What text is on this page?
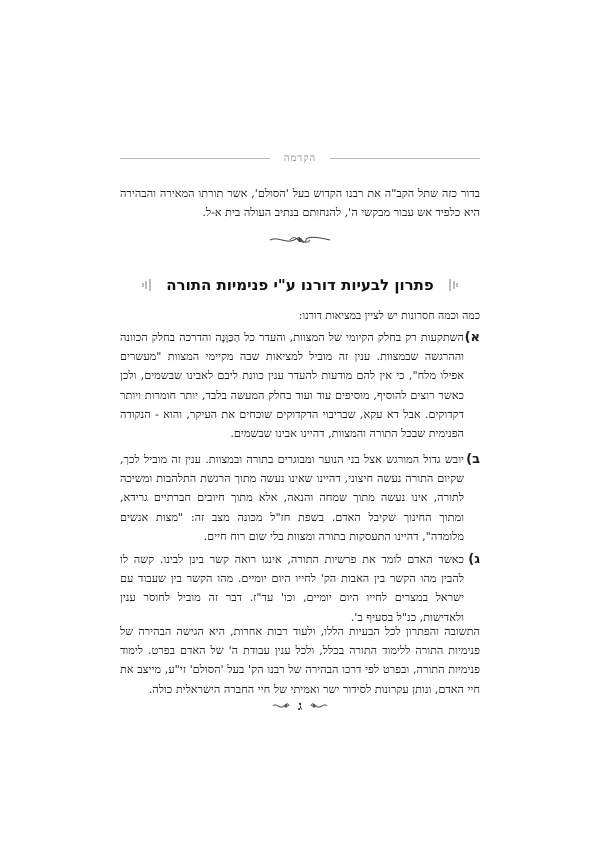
הקדמה

בדור כזה שתל הקב"ה את רבנו הקדוש בעל 'הסולם', אשר תורתו המאירה והבהירה היא כלפיד אש עבור מבקשי ה', להנחותם בנתיב העולה בית א-ל.

פתרון לבעיות דורנו ע"י פנימיות התורה

כמה וכמה חסרונות יש לציין במציאות דורנו:

א)
השתקעות רק בחלק הקיומי של המצוות, והעדר כל הַכַּוָּנָה והדרכה בחלק הכוונה וההרגשה שבמצוות. ענין זה מוביל למציאות שבה מקיימי המצוות "מעשרים אפילו מלח", כי אין להם מודעות להעדר ענין כוונת ליבם לאבינו שבשמים, ולכן כאשר רוצים להוסיף, מוסיפים עוד ועוד בחלק המעשה בלבד, יותר חומרות ויותר דקדוקים. אבל דא עקא, שבריבוי הדקדוקים שוכחים את העיקר, והוא - הנקודה הפנימית שבכל התורה והמצוות, דהיינו אבינו שבשמים.
ב)
יובש גדול המורגש אצל בני הנוער ומבוגרים בתורה ובמצוות. ענין זה מוביל לכך, שקיום התורה נעשה חיצוני, דהיינו שאינו נעשה מתוך הרגשת התלהבות ומשיכה לתורה, אינו נעשה מתוך שמחה והנאה, אלא מתוך חיובים חברתיים גרידא, ומתוך החינוך שקיבל האדם. בשפת חז"ל מכונה מצב זה: "מצות אנשים מלומדה", דהיינו התעסקות בתורה ומצוות בלי שום רוח חיים.
ג)
כאשר האדם לומד את פרשיות התורה, אינגו רואה קשר בינן לבינו. קשה לו להבין מהו הקשר בין האבות הק' לחייו היום יומיים. מהו הקשר בין שעבוד עם ישראל במצרים לחייו היום יומיים, וכו' עד"ז. דבר זה מוביל לחוסר ענין ולאדישות, כנ"ל בסעיף ב'.

התשובה והפתרון לכל הבעיות הללו, ולעוד רבות אחרות, היא הגישה הבהירה של פנימיות התורה ללימוד התורה בכלל, ולכל ענין עבודת ה' של האדם בפרט. לימוד פנימיות התורה, ובפרט לפי דרכו הבהירה של רבנו הק' בעל 'הסולם' זי"ע, מייצב את חיי האדם, ונותן עקרונות לסידור ישר ואמיתי של חיי החברה הישראלית כולה.

ג
